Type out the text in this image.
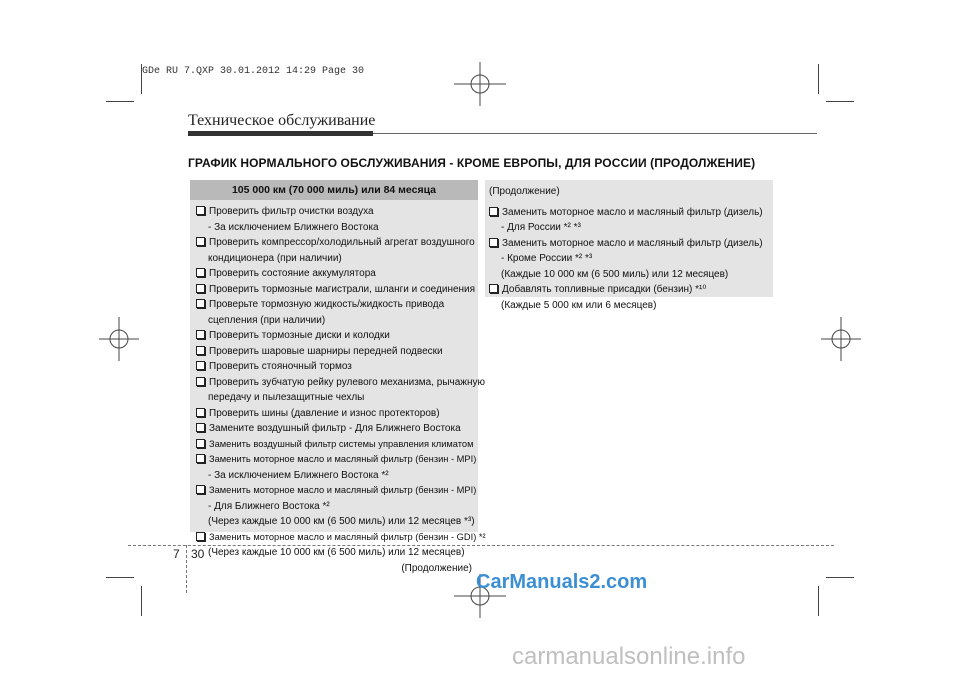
GDe RU 7.QXP 30.01.2012 14:29 Page 30
Техническое обслуживание
ГРАФИК НОРМАЛЬНОГО ОБСЛУЖИВАНИЯ - КРОМЕ ЕВРОПЫ, ДЛЯ РОССИИ (ПРОДОЛЖЕНИЕ)
105 000 км (70 000 миль) или 84 месяца
Проверить фильтр очистки воздуха
- За исключением Ближнего Востока
Проверить компрессор/холодильный агрегат воздушного
кондиционера (при наличии)
Проверить состояние аккумулятора
Проверить тормозные магистрали, шланги и соединения
Проверьте тормозную жидкость/жидкость привода
сцепления (при наличии)
Проверить тормозные диски и колодки
Проверить шаровые шарниры передней подвески
Проверить стояночный тормоз
Проверить зубчатую рейку рулевого механизма, рычажную
передачу и пылезащитные чехлы
Проверить шины (давление и износ протекторов)
Замените воздушный фильтр - Для Ближнего Востока
Заменить воздушный фильтр системы управления климатом
Заменить моторное масло и масляный фильтр (бензин - MPI)
- За исключением Ближнего Востока *²
Заменить моторное масло и масляный фильтр (бензин - MPI)
- Для Ближнего Востока *²
(Через каждые 10 000 км (6 500 миль) или 12 месяцев *³)
Заменить моторное масло и масляный фильтр (бензин - GDI) *²
(Через каждые 10 000 км (6 500 миль) или 12 месяцев)
(Продолжение)
(Продолжение)
Заменить моторное масло и масляный фильтр (дизель)
- Для России *² *³
Заменить моторное масло и масляный фильтр (дизель)
- Кроме России *² *³
(Каждые 10 000 км (6 500 миль) или 12 месяцев)
Добавлять топливные присадки (бензин) *¹⁰
(Каждые 5 000 км или 6 месяцев)
7 30
CarManuals2.com
carmanualsonline.info
